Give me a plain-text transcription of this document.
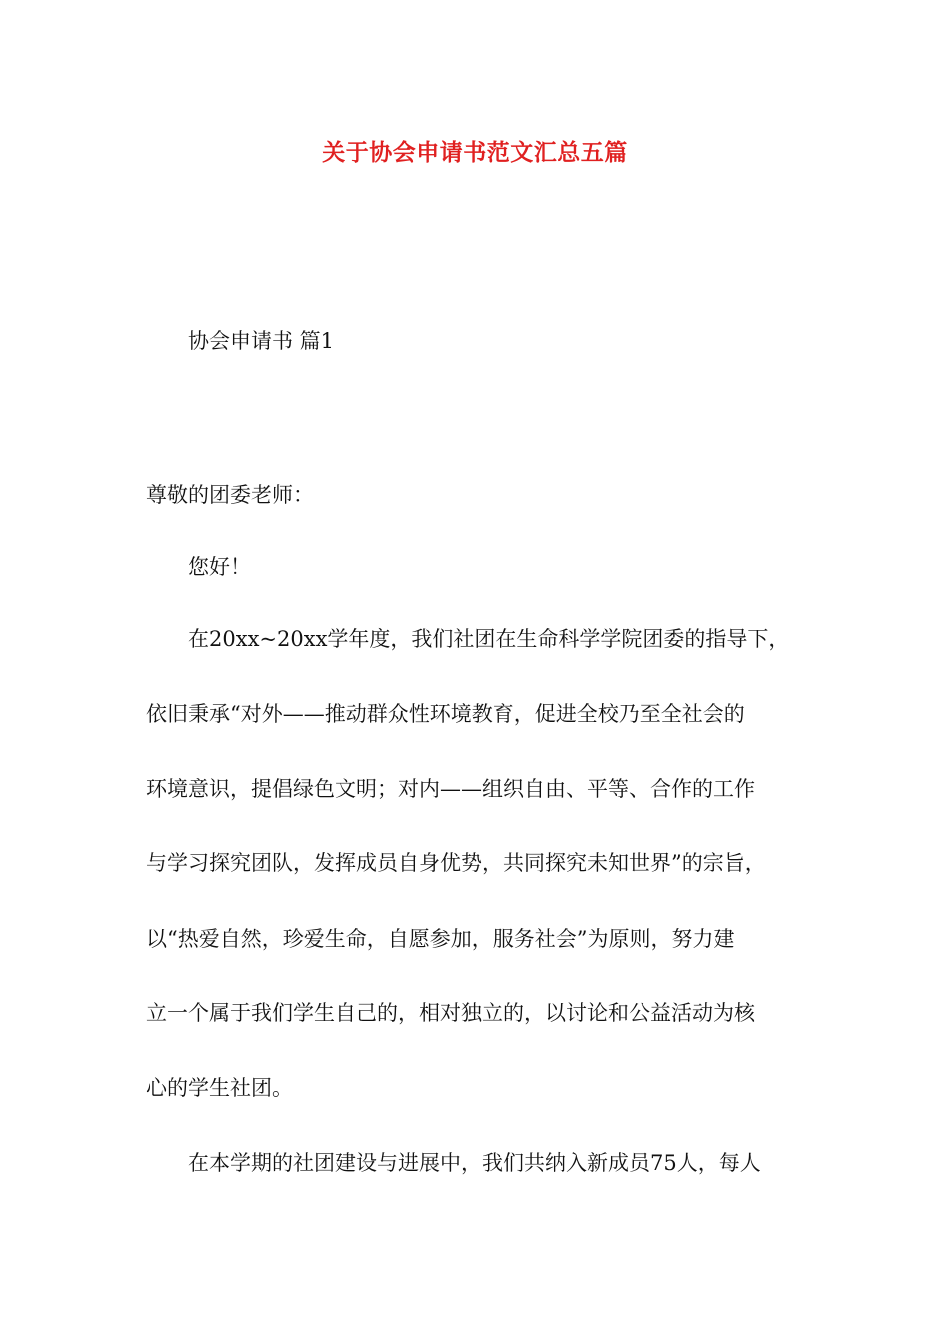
关于协会申请书范文汇总五篇
协会申请书 篇1
尊敬的团委老师：
您好！
在20xx~20xx学年度，我们社团在生命科学学院团委的指导下，
依旧秉承“对外——推动群众性环境教育，促进全校乃至全社会的
环境意识，提倡绿色文明；对内——组织自由、平等、合作的工作
与学习探究团队，发挥成员自身优势，共同探究未知世界”的宗旨，
以“热爱自然，珍爱生命，自愿参加，服务社会”为原则，努力建
立一个属于我们学生自己的，相对独立的，以讨论和公益活动为核
心的学生社团。
在本学期的社团建设与进展中，我们共纳入新成员75人，每人
